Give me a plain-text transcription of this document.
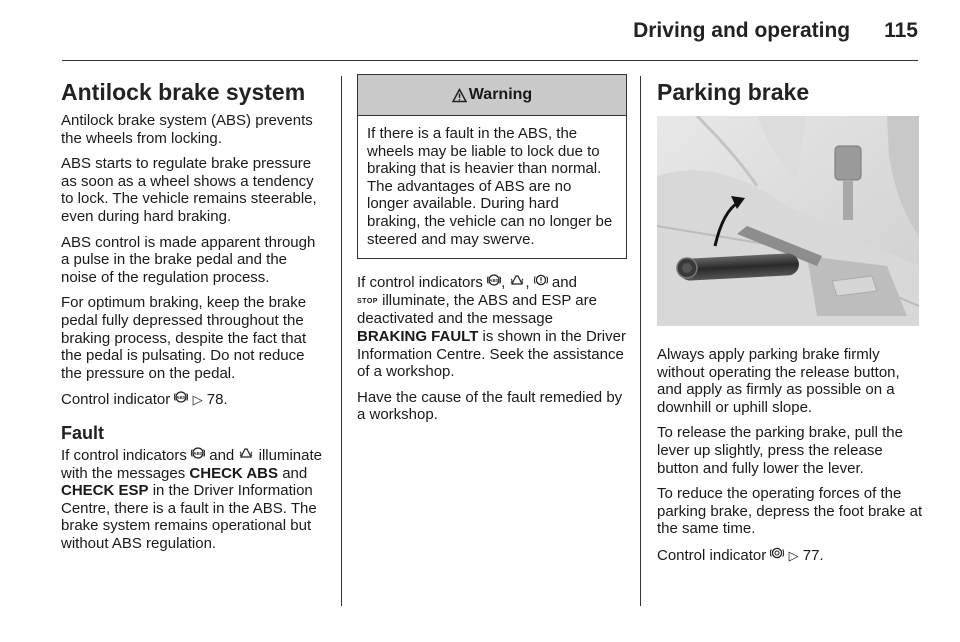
Driving and operating 115
Antilock brake system

Antilock brake system (ABS) prevents the wheels from locking.

ABS starts to regulate brake pressure as soon as a wheel shows a tendency to lock. The vehicle remains steerable, even during hard braking.

ABS control is made apparent through a pulse in the brake pedal and the noise of the regulation process.

For optimum braking, keep the brake pedal fully depressed throughout the braking process, despite the fact that the pedal is pulsating. Do not reduce the pressure on the pedal.

Control indicator ABS ▷ 78.

Fault

If control indicators ABS and  illuminate with the messages CHECK ABS and CHECK ESP in the Driver Information Centre, there is a fault in the ABS. The brake system remains operational but without ABS regulation.

Warning
If there is a fault in the ABS, the wheels may be liable to lock due to braking that is heavier than normal. The advantages of ABS are no longer available. During hard braking, the vehicle can no longer be steered and may swerve.

If control indicators ABS , ,  and
STOP illuminate, the ABS and ESP are deactivated and the message BRAKING FAULT is shown in the Driver Information Centre. Seek the assistance of a workshop.

Have the cause of the fault remedied by a workshop.

Parking brake

Always apply parking brake firmly without operating the release button, and apply as firmly as possible on a downhill or uphill slope.

To release the parking brake, pull the lever up slightly, press the release button and fully lower the lever.

To reduce the operating forces of the parking brake, depress the foot brake at the same time.

Control indicator  ▷ 77.
